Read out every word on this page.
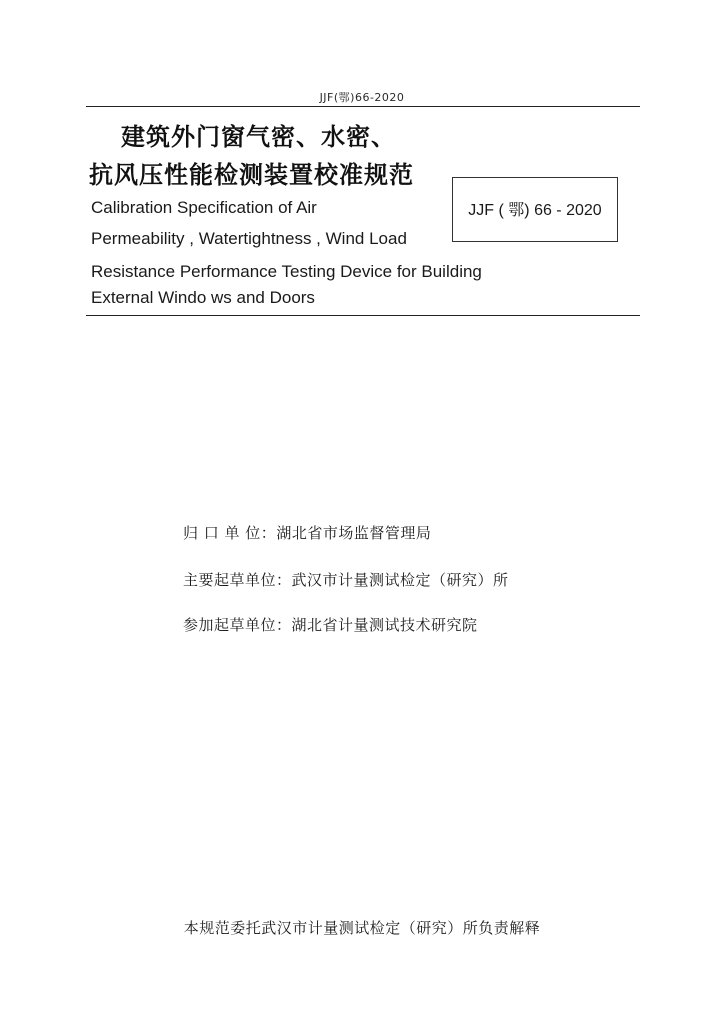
JJF(鄂)66-2020
建筑外门窗气密、水密、
抗风压性能检测装置校准规范
Calibration Specification of Air
Permeability , Watertightness , Wind Load
Resistance Performance Testing Device for Building
External Windo ws and Doors
JJF ( 鄂) 66 - 2020
归 口 单 位：湖北省市场监督管理局
主要起草单位：武汉市计量测试检定（研究）所
参加起草单位：湖北省计量测试技术研究院
本规范委托武汉市计量测试检定（研究）所负责解释
